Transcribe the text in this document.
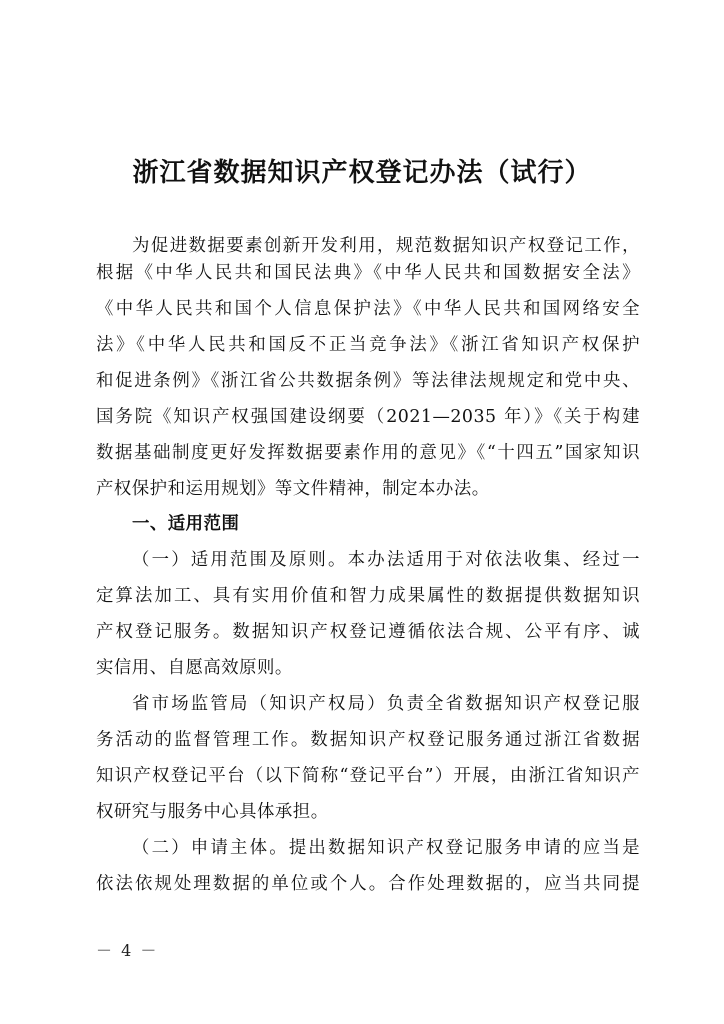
浙江省数据知识产权登记办法（试行）
为促进数据要素创新开发利用，规范数据知识产权登记工作，
根据《中华人民共和国民法典》《中华人民共和国数据安全法》
《中华人民共和国个人信息保护法》《中华人民共和国网络安全
法》《中华人民共和国反不正当竞争法》《浙江省知识产权保护
和促进条例》《浙江省公共数据条例》等法律法规规定和党中央、
国务院《知识产权强国建设纲要（2021—2035 年）》《关于构建
数据基础制度更好发挥数据要素作用的意见》《“十四五”国家知识
产权保护和运用规划》等文件精神，制定本办法。
一、适用范围
（一）适用范围及原则。本办法适用于对依法收集、经过一
定算法加工、具有实用价值和智力成果属性的数据提供数据知识
产权登记服务。数据知识产权登记遵循依法合规、公平有序、诚
实信用、自愿高效原则。
省市场监管局（知识产权局）负责全省数据知识产权登记服
务活动的监督管理工作。数据知识产权登记服务通过浙江省数据
知识产权登记平台（以下简称“登记平台”）开展，由浙江省知识产
权研究与服务中心具体承担。
（二）申请主体。提出数据知识产权登记服务申请的应当是
依法依规处理数据的单位或个人。合作处理数据的，应当共同提
－ 4 －
